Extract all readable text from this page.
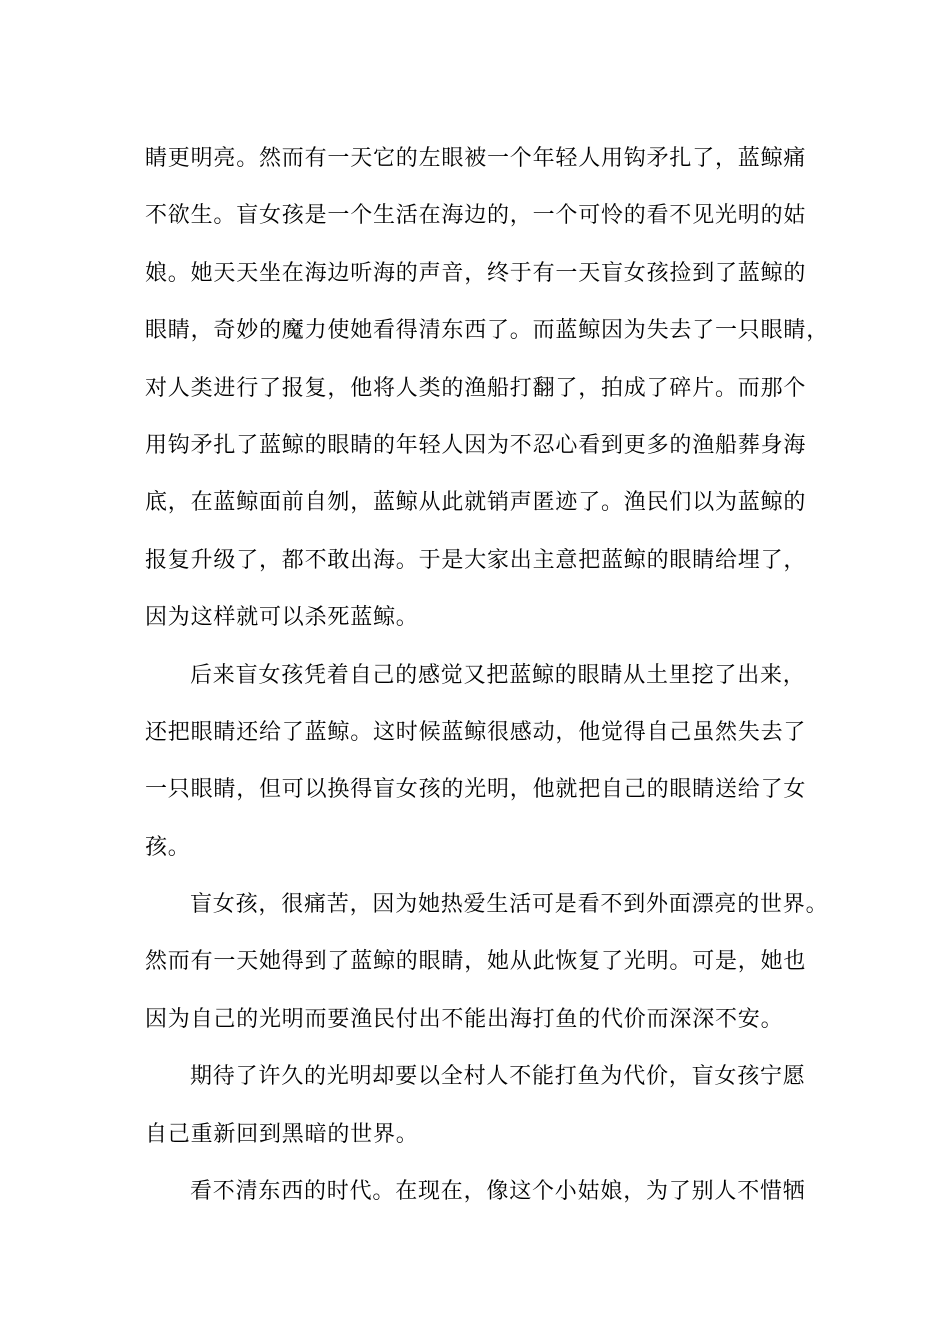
睛更明亮。然而有一天它的左眼被一个年轻人用钩矛扎了，蓝鲸痛
不欲生。盲女孩是一个生活在海边的，一个可怜的看不见光明的姑
娘。她天天坐在海边听海的声音，终于有一天盲女孩捡到了蓝鲸的
眼睛，奇妙的魔力使她看得清东西了。而蓝鲸因为失去了一只眼睛，
对人类进行了报复，他将人类的渔船打翻了，拍成了碎片。而那个
用钩矛扎了蓝鲸的眼睛的年轻人因为不忍心看到更多的渔船葬身海
底，在蓝鲸面前自刎，蓝鲸从此就销声匿迹了。渔民们以为蓝鲸的
报复升级了，都不敢出海。于是大家出主意把蓝鲸的眼睛给埋了，
因为这样就可以杀死蓝鲸。
后来盲女孩凭着自己的感觉又把蓝鲸的眼睛从土里挖了出来，
还把眼睛还给了蓝鲸。这时候蓝鲸很感动，他觉得自己虽然失去了
一只眼睛，但可以换得盲女孩的光明，他就把自己的眼睛送给了女
孩。
盲女孩，很痛苦，因为她热爱生活可是看不到外面漂亮的世界。
然而有一天她得到了蓝鲸的眼睛，她从此恢复了光明。可是，她也
因为自己的光明而要渔民付出不能出海打鱼的代价而深深不安。
期待了许久的光明却要以全村人不能打鱼为代价，盲女孩宁愿
自己重新回到黑暗的世界。
看不清东西的时代。在现在，像这个小姑娘，为了别人不惜牺
